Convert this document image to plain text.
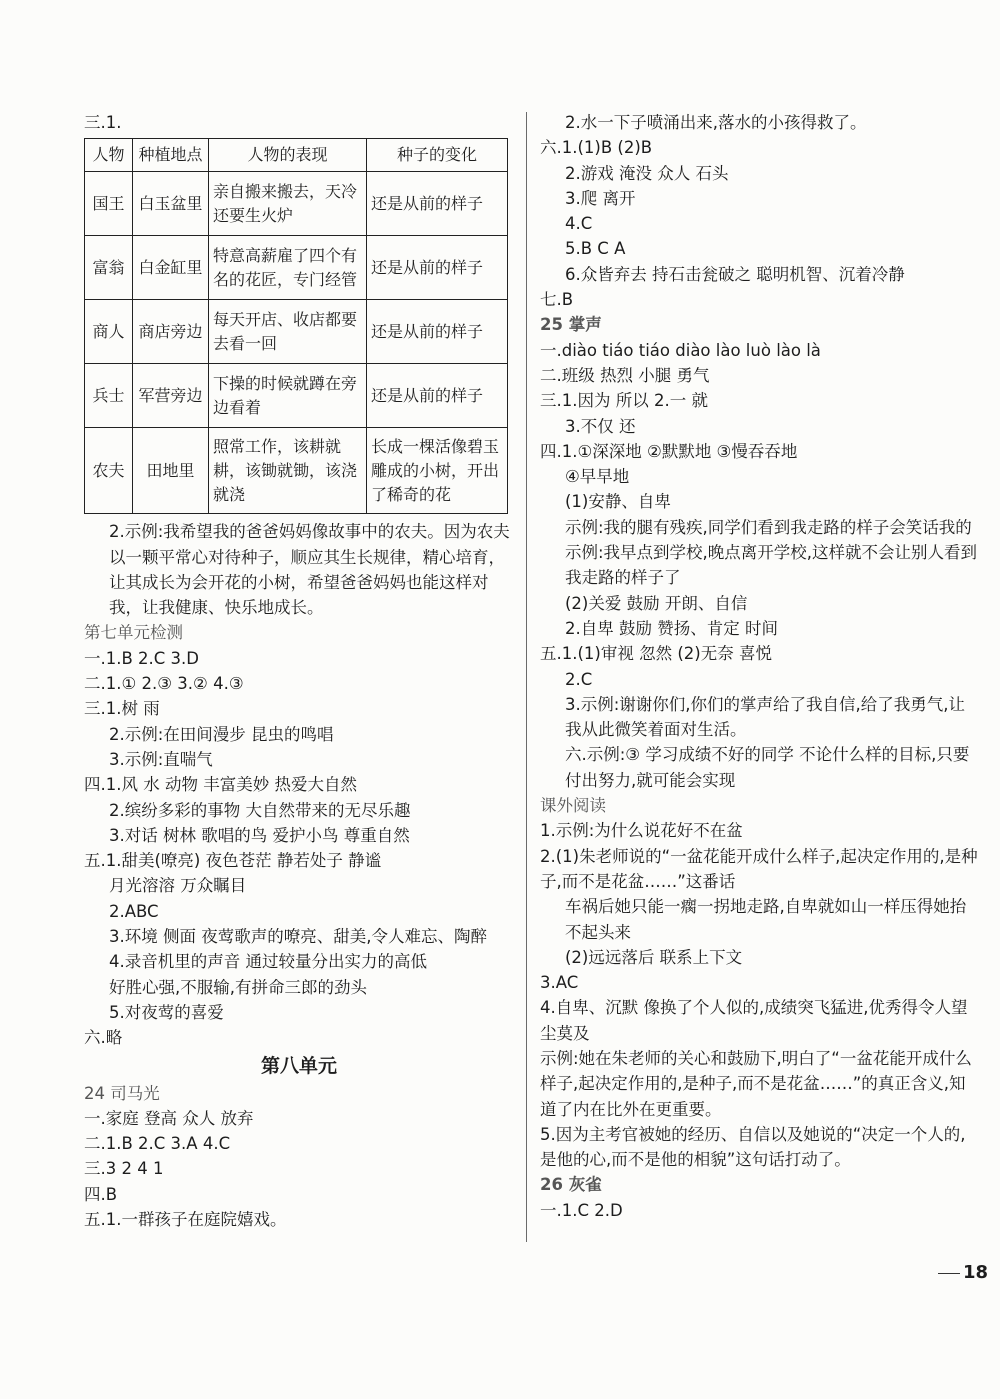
三.1.
人物	种植地点	人物的表现	种子的变化
国王	白玉盆里	亲自搬来搬去，天冷还要生火炉	还是从前的样子
富翁	白金缸里	特意高薪雇了四个有名的花匠，专门经管	还是从前的样子
商人	商店旁边	每天开店、收店都要去看一回	还是从前的样子
兵士	军营旁边	下操的时候就蹲在旁边看着	还是从前的样子
农夫	田地里	照常工作，该耕就耕，该锄就锄，该浇就浇	长成一棵活像碧玉雕成的小树，开出了稀奇的花
2.示例:我希望我的爸爸妈妈像故事中的农夫。因为农夫以一颗平常心对待种子，顺应其生长规律，精心培育，让其成长为会开花的小树，希望爸爸妈妈也能这样对我，让我健康、快乐地成长。
第七单元检测
一.1.B 2.C 3.D
二.1.① 2.③ 3.② 4.③
三.1.树 雨
2.示例:在田间漫步 昆虫的鸣唱
3.示例:直喘气
四.1.风 水 动物 丰富美妙 热爱大自然
2.缤纷多彩的事物 大自然带来的无尽乐趣
3.对话 树林 歌唱的鸟 爱护小鸟 尊重自然
五.1.甜美(嘹亮) 夜色苍茫 静若处子 静谧
月光溶溶 万众瞩目
2.ABC
3.环境 侧面 夜莺歌声的嘹亮、甜美,令人难忘、陶醉
4.录音机里的声音 通过较量分出实力的高低
好胜心强,不服输,有拼命三郎的劲头
5.对夜莺的喜爱
六.略
第八单元
24 司马光
一.家庭 登高 众人 放弃
二.1.B 2.C 3.A 4.C
三.3 2 4 1
四.B
五.1.一群孩子在庭院嬉戏。
2.水一下子喷涌出来,落水的小孩得救了。
六.1.(1)B (2)B
2.游戏 淹没 众人 石头
3.爬 离开
4.C
5.B C A
6.众皆弃去 持石击瓮破之 聪明机智、沉着冷静
七.B
25 掌声
一.diào tiáo tiáo diào lào luò lào là
二.班级 热烈 小腿 勇气
三.1.因为 所以 2.一 就
3.不仅 还
四.1.①深深地 ②默默地 ③慢吞吞地
④早早地
(1)安静、自卑
示例:我的腿有残疾,同学们看到我走路的样子会笑话我的
示例:我早点到学校,晚点离开学校,这样就不会让别人看到我走路的样子了
(2)关爱 鼓励 开朗、自信
2.自卑 鼓励 赞扬、肯定 时间
五.1.(1)审视 忽然 (2)无奈 喜悦
2.C
3.示例:谢谢你们,你们的掌声给了我自信,给了我勇气,让我从此微笑着面对生活。
六.示例:③ 学习成绩不好的同学 不论什么样的目标,只要付出努力,就可能会实现
课外阅读
1.示例:为什么说花好不在盆
2.(1)朱老师说的“一盆花能开成什么样子,起决定作用的,是种子,而不是花盆……”这番话
车祸后她只能一瘸一拐地走路,自卑就如山一样压得她抬不起头来
(2)远远落后 联系上下文
3.AC
4.自卑、沉默 像换了个人似的,成绩突飞猛进,优秀得令人望尘莫及
示例:她在朱老师的关心和鼓励下,明白了“一盆花能开成什么样子,起决定作用的,是种子,而不是花盆……”的真正含义,知道了内在比外在更重要。
5.因为主考官被她的经历、自信以及她说的“决定一个人的,是他的心,而不是他的相貌”这句话打动了。
26 灰雀
一.1.C 2.D
18
